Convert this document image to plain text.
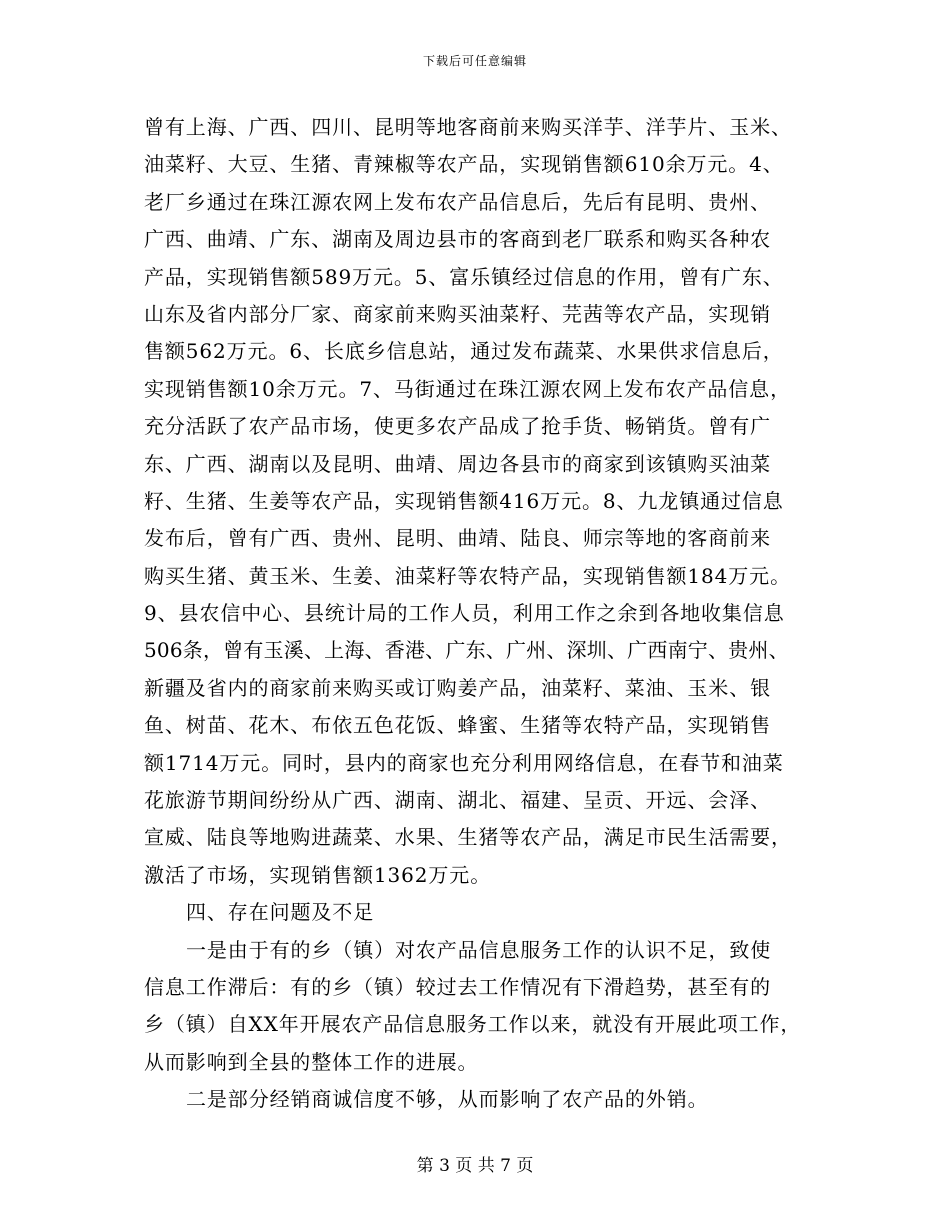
下载后可任意编辑
曾有上海、广西、四川、昆明等地客商前来购买洋芋、洋芋片、玉米、
油菜籽、大豆、生猪、青辣椒等农产品，实现销售额610余万元。4、
老厂乡通过在珠江源农网上发布农产品信息后，先后有昆明、贵州、
广西、曲靖、广东、湖南及周边县市的客商到老厂联系和购买各种农
产品，实现销售额589万元。5、富乐镇经过信息的作用，曾有广东、
山东及省内部分厂家、商家前来购买油菜籽、芫茜等农产品，实现销
售额562万元。6、长底乡信息站，通过发布蔬菜、水果供求信息后，
实现销售额10余万元。7、马街通过在珠江源农网上发布农产品信息，
充分活跃了农产品市场，使更多农产品成了抢手货、畅销货。曾有广
东、广西、湖南以及昆明、曲靖、周边各县市的商家到该镇购买油菜
籽、生猪、生姜等农产品，实现销售额416万元。8、九龙镇通过信息
发布后，曾有广西、贵州、昆明、曲靖、陆良、师宗等地的客商前来
购买生猪、黄玉米、生姜、油菜籽等农特产品，实现销售额184万元。
9、县农信中心、县统计局的工作人员，利用工作之余到各地收集信息
506条，曾有玉溪、上海、香港、广东、广州、深圳、广西南宁、贵州、
新疆及省内的商家前来购买或订购姜产品，油菜籽、菜油、玉米、银
鱼、树苗、花木、布依五色花饭、蜂蜜、生猪等农特产品，实现销售
额1714万元。同时，县内的商家也充分利用网络信息，在春节和油菜
花旅游节期间纷纷从广西、湖南、湖北、福建、呈贡、开远、会泽、
宣威、陆良等地购进蔬菜、水果、生猪等农产品，满足市民生活需要，
激活了市场，实现销售额1362万元。
四、存在问题及不足
一是由于有的乡（镇）对农产品信息服务工作的认识不足，致使
信息工作滞后：有的乡（镇）较过去工作情况有下滑趋势，甚至有的
乡（镇）自XX年开展农产品信息服务工作以来，就没有开展此项工作，
从而影响到全县的整体工作的进展。
二是部分经销商诚信度不够，从而影响了农产品的外销。
第 3 页 共 7 页
